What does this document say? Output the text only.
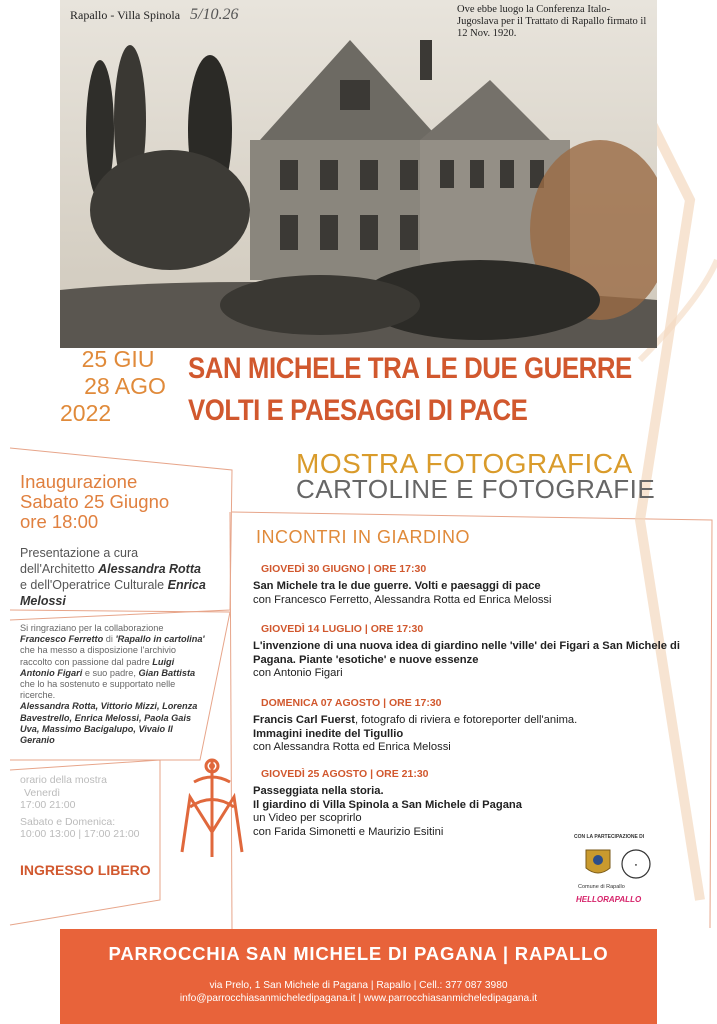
Rapallo - Villa Spinola 5/10.26	Ove ebbe luogo la Conferenza Italo-Jugoslava per il Trattato di Rapallo firmato il 12 Nov. 1920.
25 GIU
28 AGO
2022
SAN MICHELE TRA LE DUE GUERRE
VOLTI E PAESAGGI DI PACE
MOSTRA FOTOGRAFICA
CARTOLINE E FOTOGRAFIE
Inaugurazione
Sabato 25 Giugno
ore 18:00
Presentazione a cura dell'Architetto Alessandra Rotta e dell'Operatrice Culturale Enrica Melossi
Si ringraziano per la collaborazione Francesco Ferretto di 'Rapallo in cartolina' che ha messo a disposizione l'archivio raccolto con passione dal padre Luigi Antonio Figari e suo padre, Gian Battista che lo ha sostenuto e supportato nelle ricerche.
Alessandra Rotta, Vittorio Mizzi, Lorenza Bavestrello, Enrica Melossi, Paola Gais Uva, Massimo Bacigalupo, Vivaio Il Geranio
orario della mostra
Venerdì
17:00 21:00
Sabato e Domenica:
10:00 13:00 | 17:00 21:00
INGRESSO LIBERO
INCONTRI IN GIARDINO
GIOVEDÌ 30 GIUGNO | ORE 17:30
San Michele tra le due guerre. Volti e paesaggi di pace
con Francesco Ferretto, Alessandra Rotta ed Enrica Melossi
GIOVEDÌ 14 LUGLIO | ORE 17:30
L'invenzione di una nuova idea di giardino nelle 'ville' dei Figari a San Michele di Pagana. Piante 'esotiche' e nuove essenze
con Antonio Figari
DOMENICA 07 AGOSTO | ORE 17:30
Francis Carl Fuerst, fotografo di riviera e fotoreporter dell'anima.
Immagini inedite del Tigullio
con Alessandra Rotta ed Enrica Melossi
GIOVEDÌ 25 AGOSTO | ORE 21:30
Passeggiata nella storia.
Il giardino di Villa Spinola a San Michele di Pagana
un Video per scoprirlo
con Farida Simonetti e Maurizio Esitini	CON LA PARTECIPAZIONE DI
●
Comune di Rapallo
HELLORAPALLO
PARROCCHIA SAN MICHELE DI PAGANA | RAPALLO
via Prelo, 1 San Michele di Pagana | Rapallo | Cell.: 377 087 3980
info@parrocchiasanmicheledipagana.it | www.parrocchiasanmicheledipagana.it
